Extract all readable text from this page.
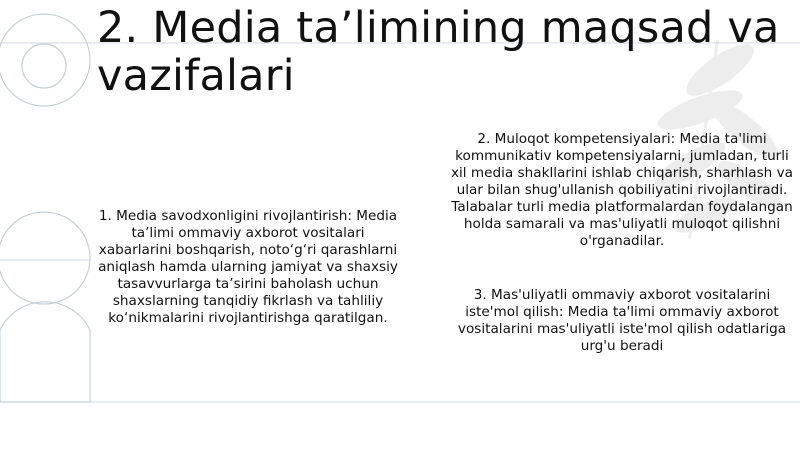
2. Media ta’limining maqsad va vazifalari

1. Media savodxonligini rivojlantirish: Media ta’limi ommaviy axborot vositalari xabarlarini boshqarish, noto‘g‘ri qarashlarni aniqlash hamda ularning jamiyat va shaxsiy tasavvurlarga ta’sirini baholash uchun shaxslarning tanqidiy fikrlash va tahliliy ko‘nikmalarini rivojlantirishga qaratilgan.

2. Muloqot kompetensiyalari: Media ta'limi kommunikativ kompetensiyalarni, jumladan, turli xil media shakllarini ishlab chiqarish, sharhlash va ular bilan shug'ullanish qobiliyatini rivojlantiradi. Talabalar turli media platformalardan foydalangan holda samarali va mas'uliyatli muloqot qilishni o'rganadilar.

3. Mas'uliyatli ommaviy axborot vositalarini iste'mol qilish: Media ta'limi ommaviy axborot vositalarini mas'uliyatli iste'mol qilish odatlariga urg'u beradi
